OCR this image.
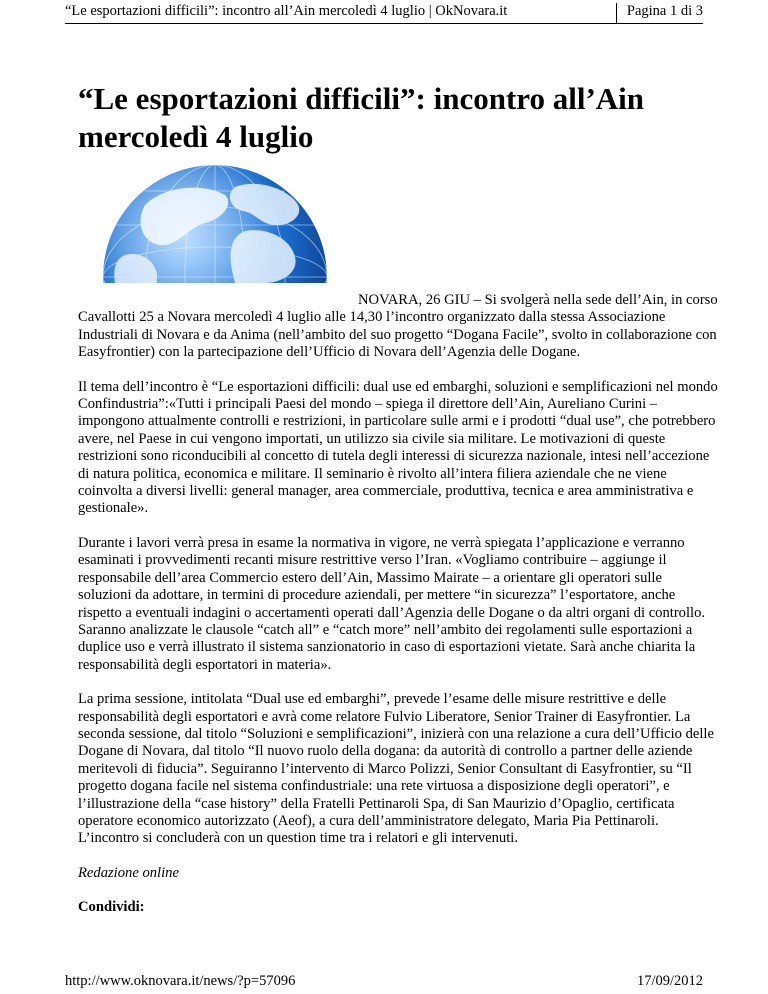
“Le esportazioni difficili”: incontro all’Ain mercoledì 4 luglio | OkNovara.it	Pagina 1 di 3
“Le esportazioni difficili”: incontro all’Ain mercoledì 4 luglio

NOVARA, 26 GIU – Si svolgerà nella sede dell’Ain, in corso Cavallotti 25 a Novara mercoledì 4 luglio alle 14,30 l’incontro organizzato dalla stessa Associazione Industriali di Novara e da Anima (nell’ambito del suo progetto “Dogana Facile”, svolto in collaborazione con Easyfrontier) con la partecipazione dell’Ufficio di Novara dell’Agenzia delle Dogane.

Il tema dell’incontro è “Le esportazioni difficili: dual use ed embarghi, soluzioni e semplificazioni nel mondo Confindustria”:«Tutti i principali Paesi del mondo – spiega il direttore dell’Ain, Aureliano Curini – impongono attualmente controlli e restrizioni, in particolare sulle armi e i prodotti “dual use”, che potrebbero avere, nel Paese in cui vengono importati, un utilizzo sia civile sia militare. Le motivazioni di queste restrizioni sono riconducibili al concetto di tutela degli interessi di sicurezza nazionale, intesi nell’accezione di natura politica, economica e militare. Il seminario è rivolto all’intera filiera aziendale che ne viene coinvolta a diversi livelli: general manager, area commerciale, produttiva, tecnica e area amministrativa e gestionale».

Durante i lavori verrà presa in esame la normativa in vigore, ne verrà spiegata l’applicazione e verranno esaminati i provvedimenti recanti misure restrittive verso l’Iran. «Vogliamo contribuire – aggiunge il responsabile dell’area Commercio estero dell’Ain, Massimo Mairate – a orientare gli operatori sulle soluzioni da adottare, in termini di procedure aziendali, per mettere “in sicurezza” l’esportatore, anche rispetto a eventuali indagini o accertamenti operati dall’Agenzia delle Dogane o da altri organi di controllo. Saranno analizzate le clausole “catch all” e “catch more” nell’ambito dei regolamenti sulle esportazioni a duplice uso e verrà illustrato il sistema sanzionatorio in caso di esportazioni vietate. Sarà anche chiarita la responsabilità degli esportatori in materia».

La prima sessione, intitolata “Dual use ed embarghi”, prevede l’esame delle misure restrittive e delle responsabilità degli esportatori e avrà come relatore Fulvio Liberatore, Senior Trainer di Easyfrontier. La seconda sessione, dal titolo “Soluzioni e semplificazioni”, inizierà con una relazione a cura dell’Ufficio delle Dogane di Novara, dal titolo “Il nuovo ruolo della dogana: da autorità di controllo a partner delle aziende meritevoli di fiducia”. Seguiranno l’intervento di Marco Polizzi, Senior Consultant di Easyfrontier, su “Il progetto dogana facile nel sistema confindustriale: una rete virtuosa a disposizione degli operatori”, e l’illustrazione della “case history” della Fratelli Pettinaroli Spa, di San Maurizio d’Opaglio, certificata operatore economico autorizzato (Aeof), a cura dell’amministratore delegato, Maria Pia Pettinaroli. L’incontro si concluderà con un question time tra i relatori e gli intervenuti.

Redazione online

Condividi:

http://www.oknovara.it/news/?p=57096	17/09/2012
